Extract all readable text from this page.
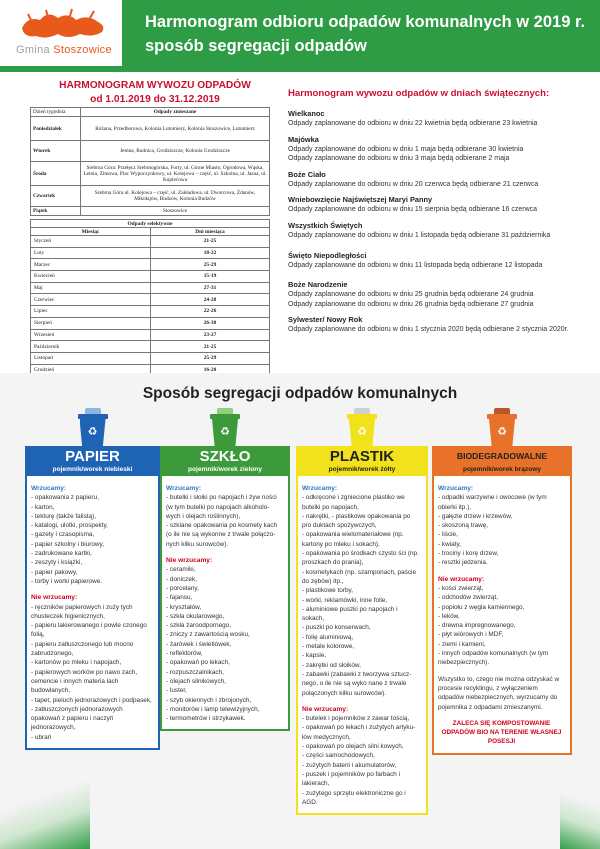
Gmina Stoszowice
Harmonogram odbioru odpadów komunalnych w 2019 r.
sposób segregacji odpadów
HARMONOGRAM WYWOZU ODPADÓW
od 1.01.2019 do 31.12.2019
Dzień tygodnia	Odpady zmieszane
Poniedziałek	Różana, Przedborowa, Kolonia Lutomierz, Kolonia Stoszowice, Lutomierz
Wtorek	Jemna, Rudnica, Grodziszcze, Kolonia Grodziszcze
Środa	Srebrna Góra: Przełęcz Srebrnogórska, Forty, ul. Górne Miasto, Ogrodowa, Wąska, Letnia, Zimowa, Plac Wypoczynkowy, ul. Kolejowa – część, ul. Szkolna, ul. Jasna, ul. Kupiećowa
Czwartek	Srebrna Góra ul. Kolejowa – część, ul. Zakładowa, ul. Dworcowa, Żdanów, Mikołajów, Budzów, Kolonia Budzów
Piątek	Stoszowice
Odpady selektywne	
Miesiąc	Dni miesiąca
Styczeń	21-25
Luty	18-22
Marzec	25-29
Kwiecień	15-19
Maj	27-31
Czerwiec	24-28
Lipiec	22-26
Sierpień	26-30
Wrzesień	23-27
Październik	21-25
Listopad	25-29
Grudzień	16-20
Harmonogram wywozu odpadów w dniach świątecznych:
Wielkanoc
Odpady zaplanowane do odbioru w dniu 22 kwietnia będą odbierane 23 kwietnia
Majówka
Odpady zaplanowane do odbioru w dniu 1 maja będą odbierane 30 kwietnia
Odpady zaplanowane do odbioru w dniu 3 maja będą odbierane 2 maja
Boże Ciało
Odpady zaplanowane do odbioru w dniu 20 czerwca będą odbierane 21 czerwca
Wniebowzięcie Najświętszej Maryi Panny
Odpady zaplanowane do odbioru w dniu 15 sierpnia będą odbierane 16 czerwca
Wszystkich Świętych
Odpady zaplanowane do odbioru w dniu 1 listopada będą odbierane 31 października
Święto Niepodległości
Odpady zaplanowane do odbioru w dniu 11 listopada będą odbierane 12 listopada
Boże Narodzenie
Odpady zaplanowane do odbioru w dniu 25 grudnia będą odbierane 24 grudnia
Odpady zaplanowane do odbioru w dniu 26 grudnia będą odbierane 27 grudnia
Sylwester/ Nowy Rok
Odpady zaplanowane do odbioru w dniu 1 stycznia 2020 będą odbierane 2 stycznia 2020r.
Sposób segregacji odpadów komunalnych
♻
PAPIER
pojemnik/worek niebieski
Wrzucamy:
- opakowania z papieru,
- karton,
- tekturę (także falistą),
- katalogi, ulotki, prospekty,
- gazety i czasopisma,
- papier szkolny i biurowy,
- zadrukowane kartki,
- zeszyty i książki,
- papier pakowy,
- torby i worki papierowe.
Nie wrzucamy:
- ręczników papierowych i zuży tych chusteczek higienicznych,
- papieru lakierowanego i powle czonego folią,
- papieru zatłuszczonego lub mocno zabrudzonego,
- kartonów po mleku i napojach,
- papierowych worków po nawo zach, cemencie i innych materia łach budowlanych,
- tapet, pieluch jednorazowych i podpasek,
- zatłuszczonych jednorazowych opakowań z papieru i naczyń jednorazowych,
- ubrań
♻
SZKŁO
pojemnik/worek zielony
Wrzucamy:
- butelki i słoiki po napojach i żyw ności (w tym butelki po napojach alkoholo- wych i olejach roślinnych),
- szklane opakowania po kosmety kach (o ile nie są wykonne z trwale połączo- nych kilku surowców).
Nie wrzucamy:
- ceramiki,
- doniczek,
- porcelany,
- fajansu,
- kryształów,
- szkła okularowego,
- szkła żaroodpornego,
- zniczy z zawartością wosku,
- żarówek i świetlówek,
- reflektorów,
- opakowań po lekach,
- rozpuszczalnikach,
- olejach silnikowych,
- luster,
- szyb okiennych i zbrojonych,
- monitorów i lamp telewizyjnych,
- termometrów i strzykawek.
♻
PLASTIK
pojemnik/worek żółty
Wrzucamy:
- odkręcone i zgniecione plastiko we butelki po napojach,
- nakrętki, - plastikowe opakowania po pro duktach spożywczych,
- opakowania wielomateriałowe (np. kartony po mleku i sokach),
- opakowania po środkach czysto ści (np. proszkach do prania),
- kosmetykach (np. szamponach, paście do zębów) itp.,
- plastikowe torby,
- worki, reklamówki, inne folie,
- aluminiowe puszki po napojach i sokach,
- puszki po konserwach,
- folię aluminiową,
- metale kolorowe,
- kapsle,
- zakrętki od słoików,
- zabawki (zabawki z tworzywa sztucz- nego, o ile nie są wyko nane z trwale połączonych kilku surowców).
Nie wrzucamy:
- butelek i pojemników z zawar tością,
- opakowań po lekach i zużytych artyku- łów medycznych,
- opakowań po olejach silni kowych,
- części samochodowych,
- zużytych baterii i akumulatorów,
- puszek i pojemników po farbach i lakierach,
- zużytego sprzętu elektroniczne go i AGD.
♻
BIODEGRADOWALNE
pojemnik/worek brązowy
Wrzucamy:
- odpadki warzywne i owocowe (w tym obierki itp.),
- gałęzie drzew i krzewów,
- skoszoną trawę,
- liście,
- kwiaty,
- trociny i korę drzew,
- resztki jedzenia.
Nie wrzucamy:
- kości zwierząt,
- odchodów zwierząt,
- popiołu z węgla kamiennego,
- leków,
- drewna impregnowanego,
- płyt wiórowych i MDF,
- ziemi i kamieni,
- innych odpadów komunalnych (w tym niebezpiecznych).
Wszystko to, czego nie można odzyskać w procesie recyklingu, z wyłączeniem odpadów niebezpiecznych, wyrzucamy do pojemnika z odpadami zmieszanymi.
ZALECA SIĘ KOMPOSTOWANIE ODPADÓW BIO NA TERENIE WŁASNEJ POSESJI
